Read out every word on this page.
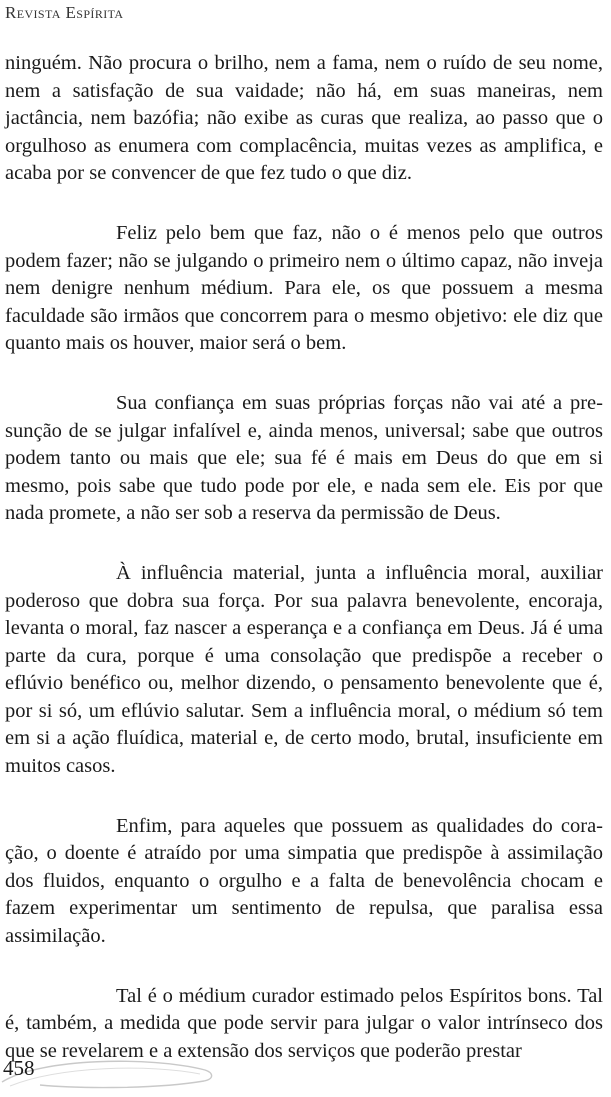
Revista Espírita

ninguém. Não procura o brilho, nem a fama, nem o ruído de seu nome, nem a satisfação de sua vaidade; não há, em suas maneiras, nem jactância, nem bazófia; não exibe as curas que realiza, ao passo que o orgulhoso as enumera com complacência, muitas vezes as amplifica, e acaba por se convencer de que fez tudo o que diz.

Feliz pelo bem que faz, não o é menos pelo que outros podem fazer; não se julgando o primeiro nem o último capaz, não inveja nem denigre nenhum médium. Para ele, os que possuem a mesma faculdade são irmãos que concorrem para o mesmo objetivo: ele diz que quanto mais os houver, maior será o bem.

Sua confiança em suas próprias forças não vai até a presunção de se julgar infalível e, ainda menos, universal; sabe que outros podem tanto ou mais que ele; sua fé é mais em Deus do que em si mesmo, pois sabe que tudo pode por ele, e nada sem ele. Eis por que nada promete, a não ser sob a reserva da permissão de Deus.

À influência material, junta a influência moral, auxiliar poderoso que dobra sua força. Por sua palavra benevolente, encoraja, levanta o moral, faz nascer a esperança e a confiança em Deus. Já é uma parte da cura, porque é uma consolação que predispõe a receber o eflúvio benéfico ou, melhor dizendo, o pensamento benevolente que é, por si só, um eflúvio salutar. Sem a influência moral, o médium só tem em si a ação fluídica, material e, de certo modo, brutal, insuficiente em muitos casos.

Enfim, para aqueles que possuem as qualidades do coração, o doente é atraído por uma simpatia que predispõe à assimilação dos fluidos, enquanto o orgulho e a falta de benevolência chocam e fazem experimentar um sentimento de repulsa, que paralisa essa assimilação.

Tal é o médium curador estimado pelos Espíritos bons. Tal é, também, a medida que pode servir para julgar o valor intrínseco dos que se revelarem e a extensão dos serviços que poderão prestar

458
